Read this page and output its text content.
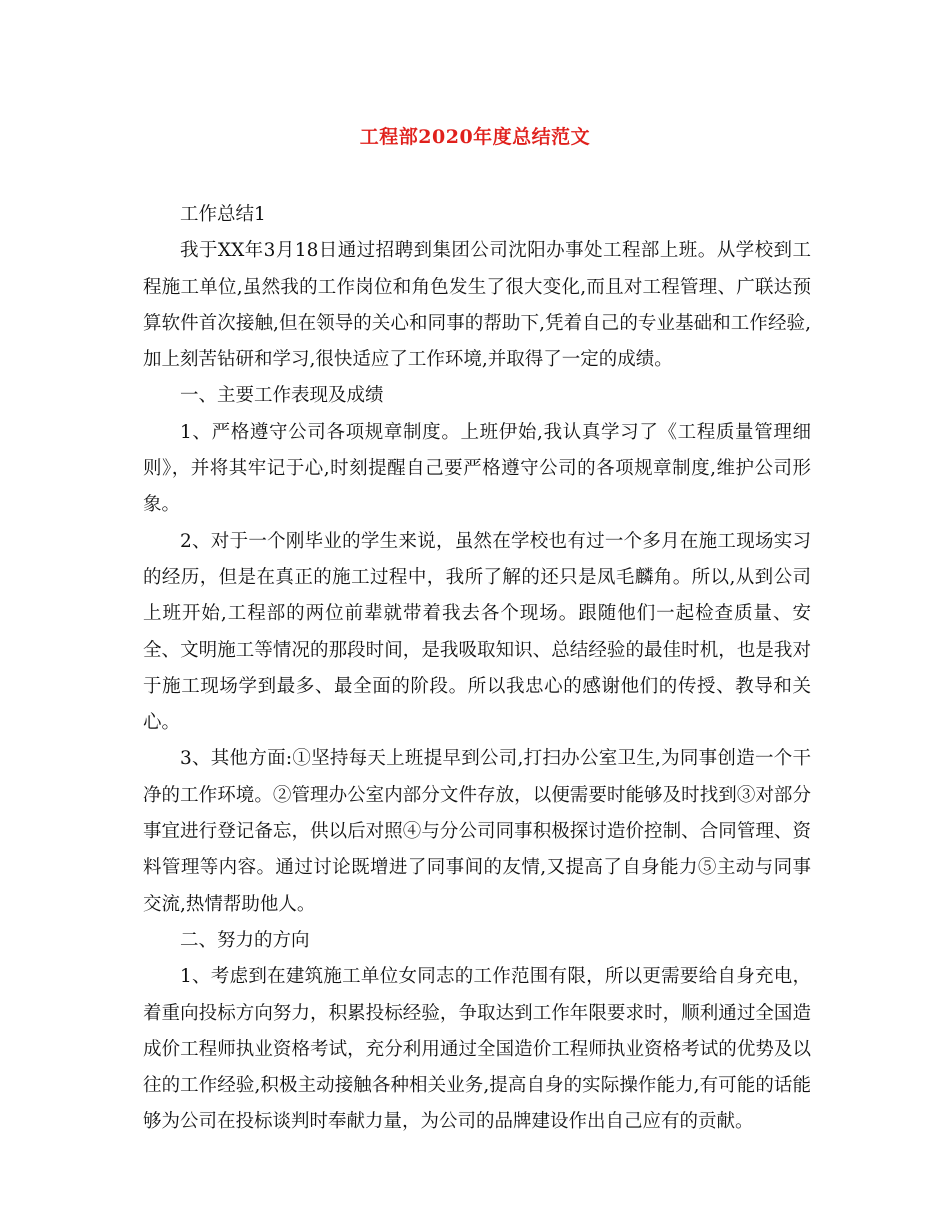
工程部2020年度总结范文

工作总结1

我于XX年3月18日通过招聘到集团公司沈阳办事处工程部上班。从学校到工程施工单位,虽然我的工作岗位和角色发生了很大变化,而且对工程管理、广联达预算软件首次接触,但在领导的关心和同事的帮助下,凭着自己的专业基础和工作经验,加上刻苦钻研和学习,很快适应了工作环境,并取得了一定的成绩。

一、主要工作表现及成绩

1、严格遵守公司各项规章制度。上班伊始,我认真学习了《工程质量管理细则》，并将其牢记于心,时刻提醒自己要严格遵守公司的各项规章制度,维护公司形象。

2、对于一个刚毕业的学生来说，虽然在学校也有过一个多月在施工现场实习的经历，但是在真正的施工过程中，我所了解的还只是凤毛麟角。所以,从到公司上班开始,工程部的两位前辈就带着我去各个现场。跟随他们一起检查质量、安全、文明施工等情况的那段时间，是我吸取知识、总结经验的最佳时机，也是我对于施工现场学到最多、最全面的阶段。所以我忠心的感谢他们的传授、教导和关心。

3、其他方面:①坚持每天上班提早到公司,打扫办公室卫生,为同事创造一个干净的工作环境。②管理办公室内部分文件存放，以便需要时能够及时找到③对部分事宜进行登记备忘，供以后对照④与分公司同事积极探讨造价控制、合同管理、资料管理等内容。通过讨论既增进了同事间的友情,又提高了自身能力⑤主动与同事交流,热情帮助他人。

二、努力的方向

1、考虑到在建筑施工单位女同志的工作范围有限，所以更需要给自身充电，着重向投标方向努力，积累投标经验，争取达到工作年限要求时，顺利通过全国造成价工程师执业资格考试，充分利用通过全国造价工程师执业资格考试的优势及以往的工作经验,积极主动接触各种相关业务,提高自身的实际操作能力,有可能的话能够为公司在投标谈判时奉献力量，为公司的品牌建设作出自己应有的贡献。
